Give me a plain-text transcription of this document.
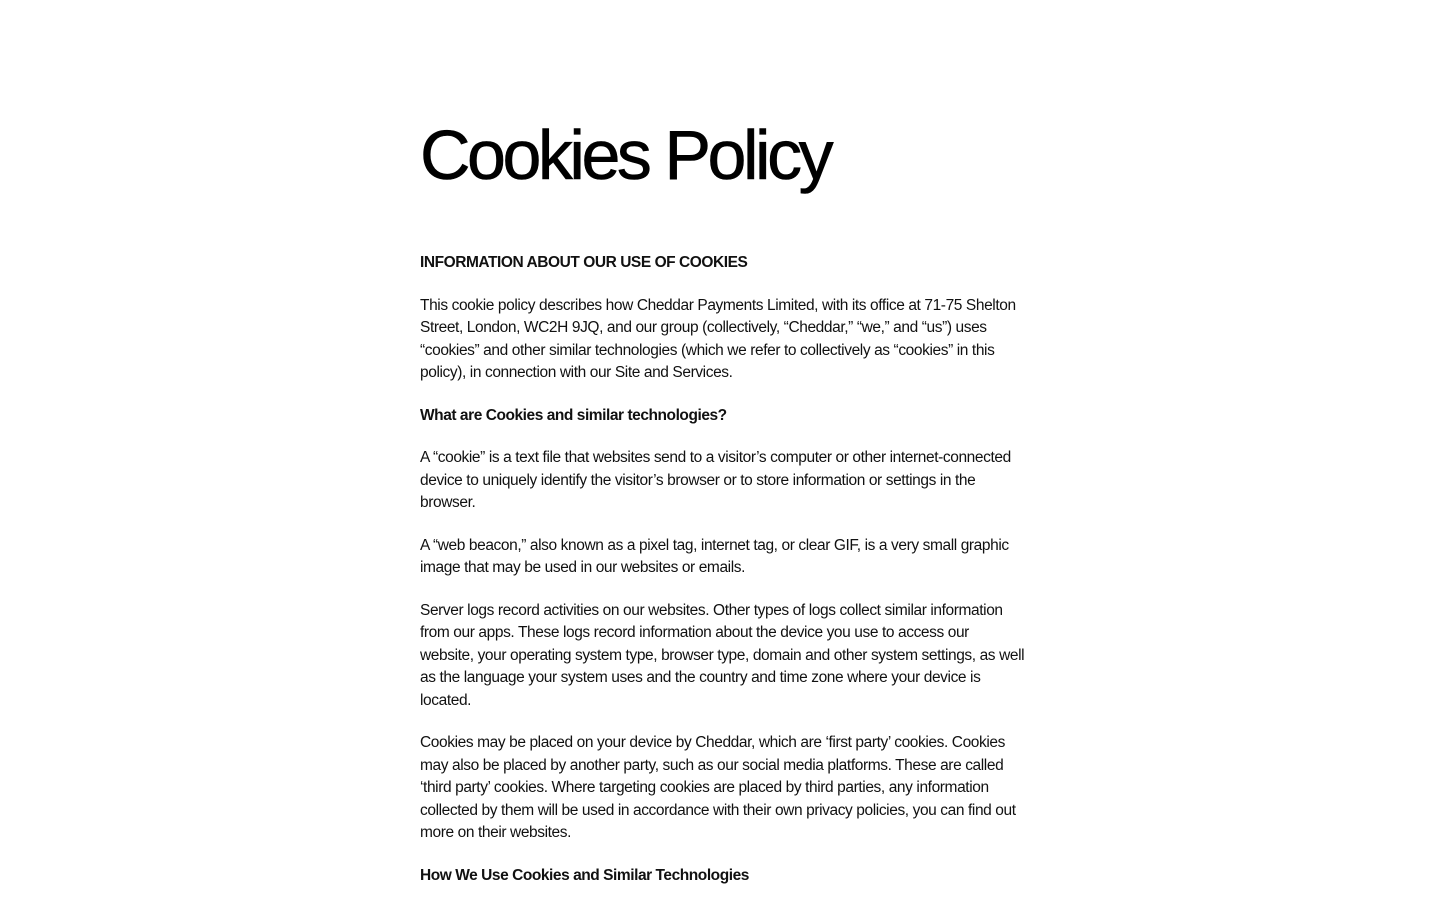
Cookies Policy
INFORMATION ABOUT OUR USE OF COOKIES

This cookie policy describes how Cheddar Payments Limited, with its office at 71-75 Shelton Street, London, WC2H 9JQ, and our group (collectively, “Cheddar,” “we,” and “us”) uses “cookies” and other similar technologies (which we refer to collectively as “cookies” in this policy), in connection with our Site and Services.

What are Cookies and similar technologies?

A “cookie” is a text file that websites send to a visitor’s computer or other internet-connected device to uniquely identify the visitor’s browser or to store information or settings in the browser.

A “web beacon,” also known as a pixel tag, internet tag, or clear GIF, is a very small graphic image that may be used in our websites or emails.

Server logs record activities on our websites. Other types of logs collect similar information from our apps. These logs record information about the device you use to access our website, your operating system type, browser type, domain and other system settings, as well as the language your system uses and the country and time zone where your device is located.

Cookies may be placed on your device by Cheddar, which are ‘first party’ cookies. Cookies may also be placed by another party, such as our social media platforms. These are called ‘third party’ cookies. Where targeting cookies are placed by third parties, any information collected by them will be used in accordance with their own privacy policies, you can find out more on their websites.

How We Use Cookies and Similar Technologies
